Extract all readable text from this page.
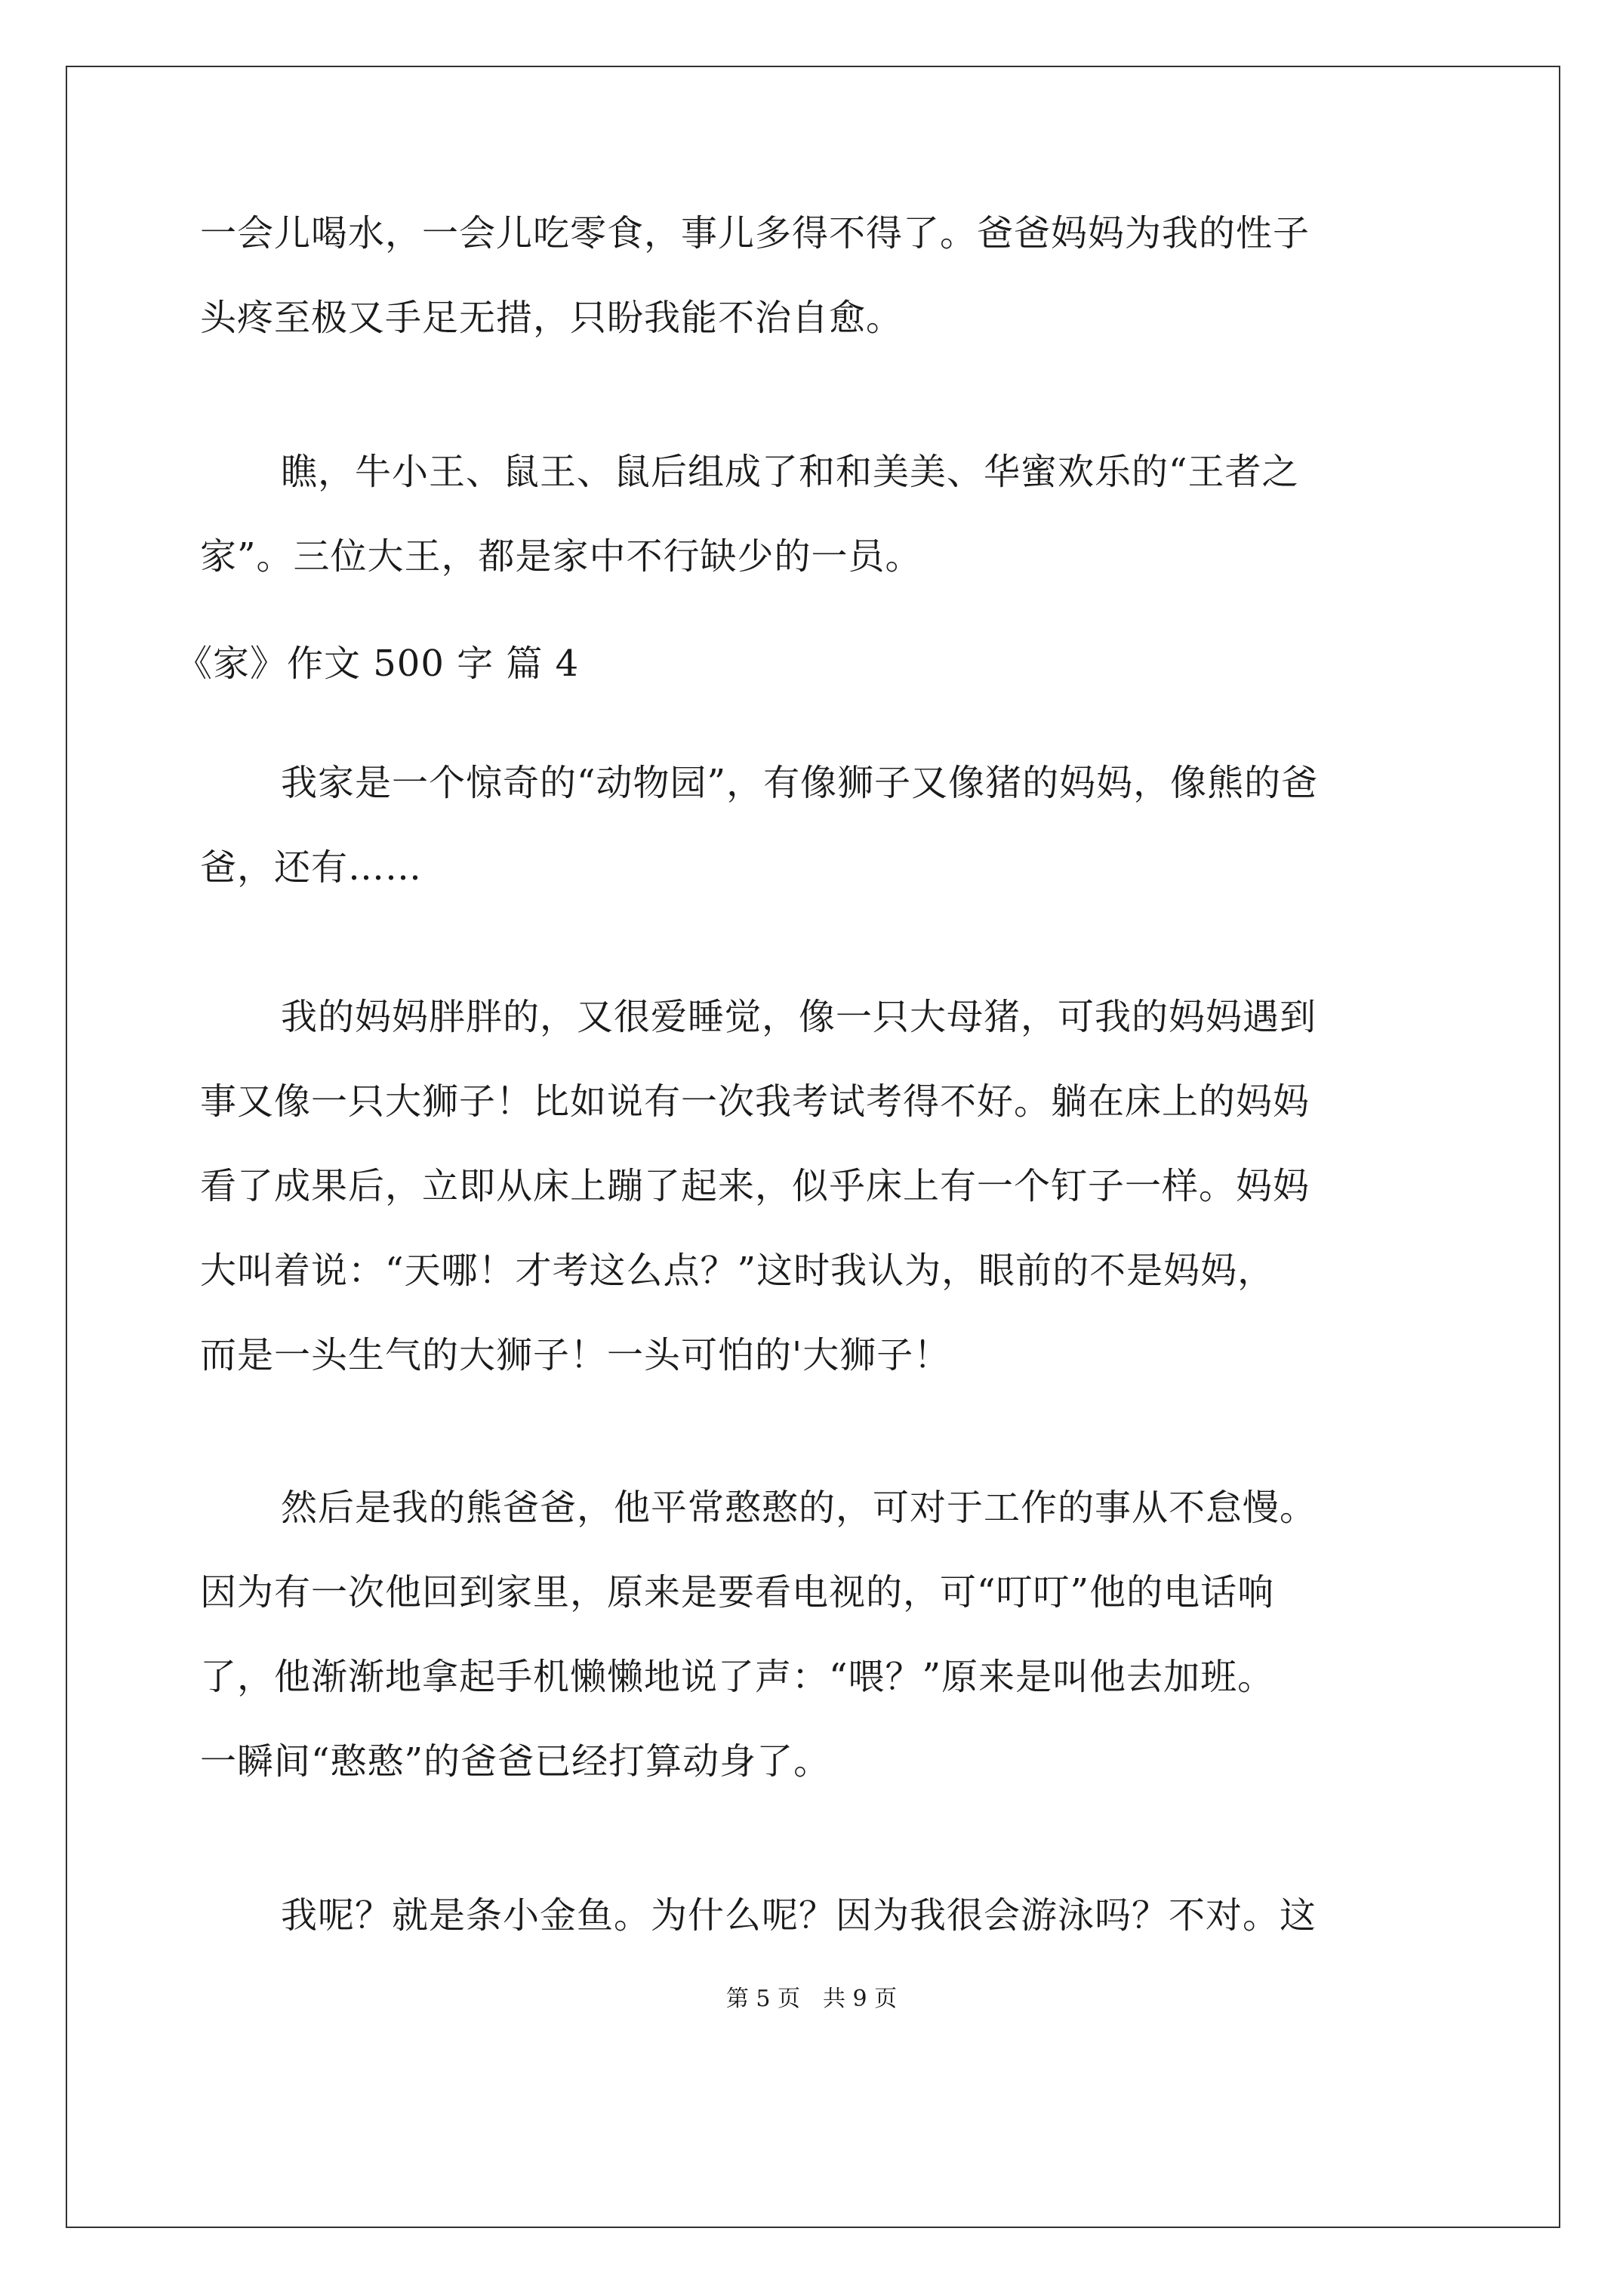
一会儿喝水，一会儿吃零食，事儿多得不得了。爸爸妈妈为我的性子
头疼至极又手足无措，只盼我能不治自愈。
瞧，牛小王、鼠王、鼠后组成了和和美美、华蜜欢乐的“王者之
家”。三位大王，都是家中不行缺少的一员。
《家》作文 500 字 篇 4
我家是一个惊奇的“动物园”，有像狮子又像猪的妈妈，像熊的爸
爸，还有……
我的妈妈胖胖的，又很爱睡觉，像一只大母猪，可我的妈妈遇到
事又像一只大狮子！比如说有一次我考试考得不好。躺在床上的妈妈
看了成果后，立即从床上蹦了起来，似乎床上有一个钉子一样。妈妈
大叫着说：“天哪！才考这么点？”这时我认为，眼前的不是妈妈，
而是一头生气的大狮子！一头可怕的'大狮子！
然后是我的熊爸爸，他平常憨憨的，可对于工作的事从不怠慢。
因为有一次他回到家里，原来是要看电视的，可“叮叮”他的电话响
了，他渐渐地拿起手机懒懒地说了声：“喂？”原来是叫他去加班。
一瞬间“憨憨”的爸爸已经打算动身了。
我呢？就是条小金鱼。为什么呢？因为我很会游泳吗？不对。这
第 5 页　共 9 页
